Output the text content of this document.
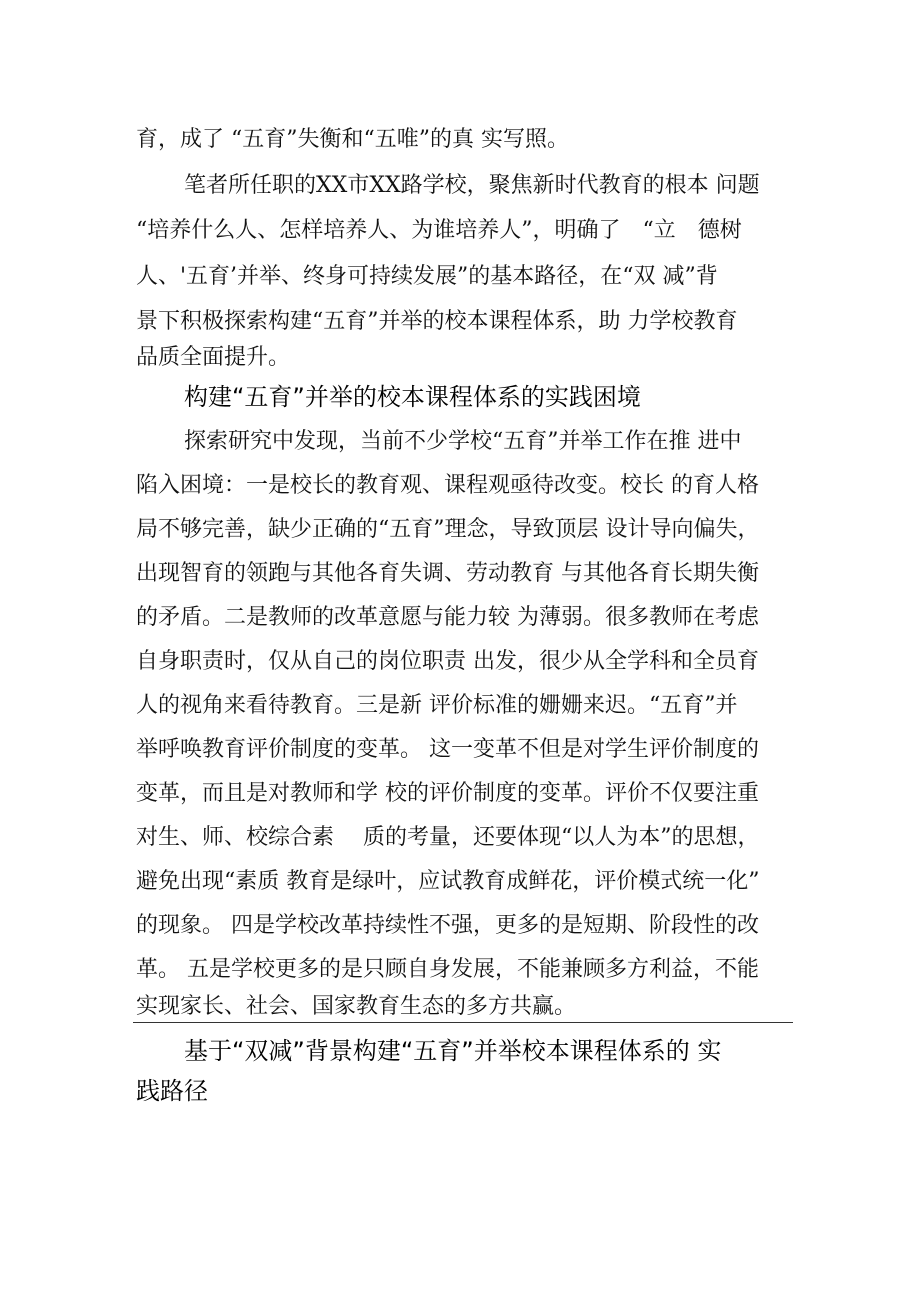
育，成了 “五育”失衡和“五唯”的真 实写照。
笔者所任职的XX市XX路学校，聚焦新时代教育的根本 问题
“培养什么人、怎样培养人、为谁培养人”，明确了　“立　德树
人、'五育’并举、终身可持续发展”的基本路径，在“双 减”背
景下积极探索构建“五育”并举的校本课程体系，助 力学校教育
品质全面提升。
构建“五育”并举的校本课程体系的实践困境
探索研究中发现，当前不少学校“五育”并举工作在推 进中
陷入困境：一是校长的教育观、课程观亟待改变。校长 的育人格
局不够完善，缺少正确的“五育”理念，导致顶层 设计导向偏失，
出现智育的领跑与其他各育失调、劳动教育 与其他各育长期失衡
的矛盾。二是教师的改革意愿与能力较 为薄弱。很多教师在考虑
自身职责时，仅从自己的岗位职责 出发，很少从全学科和全员育
人的视角来看待教育。三是新 评价标准的姗姗来迟。“五育”并
举呼唤教育评价制度的变革。 这一变革不但是对学生评价制度的
变革，而且是对教师和学 校的评价制度的变革。评价不仅要注重
对生、师、校综合素　 质的考量，还要体现“以人为本”的思想，
避免出现“素质 教育是绿叶，应试教育成鲜花，评价模式统一化”
的现象。 四是学校改革持续性不强，更多的是短期、阶段性的改
革。 五是学校更多的是只顾自身发展，不能兼顾多方利益，不能
实现家长、社会、国家教育生态的多方共赢。
基于“双减”背景构建“五育”并举校本课程体系的 实
践路径
